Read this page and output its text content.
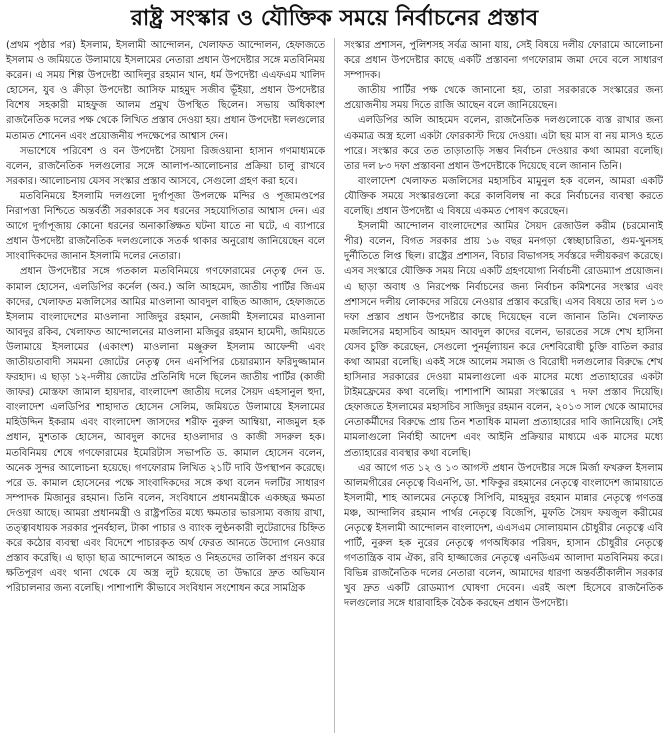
রাষ্ট্র সংস্কার ও যৌক্তিক সময়ে নির্বাচনের প্রস্তাব

(প্রথম পৃষ্ঠার পর) ইসলাম, ইসলামী আন্দোলন, খেলাফত আন্দোলন, হেফাজতে ইসলাম ও জমিয়তে উলামায়ে ইসলামের নেতারা প্রধান উপদেষ্টার সঙ্গে মতবিনিময় করেন। এ সময় শিল্প উপদেষ্টা আদিলুর রহমান খান, ধর্ম উপদেষ্টা এএফএম খালিদ হোসেন, যুব ও ক্রীড়া উপদেষ্টা আসিফ মাহমুদ সজীব ভূঁইয়া, প্রধান উপদেষ্টার বিশেষ সহকারী মাহফুজ আলম প্রমুখ উপস্থিত ছিলেন। সভায় অধিকাংশ রাজনৈতিক দলের পক্ষ থেকে লিখিত প্রস্তাব দেওয়া হয়। প্রধান উপদেষ্টা দলগুলোর মতামত শোনেন এবং প্রয়োজনীয় পদক্ষেপের আশ্বাস দেন।

সভাশেষে পরিবেশ ও বন উপদেষ্টা সৈয়দা রিজওয়ানা হাসান গণমাধ্যমকে বলেন, রাজনৈতিক দলগুলোর সঙ্গে আলাপ-আলোচনার প্রক্রিয়া চালু রাখবে সরকার। আলোচনায় যেসব সংস্কার প্রস্তাব আসবে, সেগুলো গ্রহণ করা হবে।

মতবিনিময়ে ইসলামি দলগুলো দুর্গাপূজা উপলক্ষে মন্দির ও পূজামণ্ডপের নিরাপত্তা নিশ্চিতে অন্তর্বর্তী সরকারকে সব ধরনের সহযোগিতার আশ্বাস দেন। এর আগে দুর্গাপূজায় কোনো ধরনের অনাকাঙ্ক্ষিত ঘটনা যাতে না ঘটে, এ ব্যাপারে প্রধান উপদেষ্টা রাজনৈতিক দলগুলোকে সতর্ক থাকার অনুরোধ জানিয়েছেন বলে সাংবাদিকদের জানান ইসলামি দলের নেতারা।

প্রধান উপদেষ্টার সঙ্গে গতকাল মতবিনিময়ে গণফোরামের নেতৃত্ব দেন ড. কামাল হোসেন, এলডিপির কর্নেল (অব.) অলি আহমেদ, জাতীয় পার্টির জিএম কাদের, খেলাফত মজলিসের আমির মাওলানা আবদুল বাছিত আজাদ, হেফাজতে ইসলাম বাংলাদেশের মাওলানা সাজিদুর রহমান, নেজামী ইসলামের মাওলানা আবদুর রকিব, খেলাফত আন্দোলনের মাওলানা মজিবুর রহমান হামেদী, জমিয়তে উলামায়ে ইসলামের (একাংশ) মাওলানা মঞ্জুরুল ইসলাম আফেন্দী এবং জাতীয়তাবাদী সমমনা জোটের নেতৃত্ব দেন এনপিপির চেয়ারম্যান ফরিদুজ্জামান ফরহাদ। এ ছাড়া ১২-দলীয় জোটের প্রতিনিধি দলে ছিলেন জাতীয় পার্টির (কাজী জাফর) মোস্তফা জামাল হায়দার, বাংলাদেশ জাতীয় দলের সৈয়দ এহসানুল হুদা, বাংলাদেশ এলডিপির শাহাদাত হোসেন সেলিম, জমিয়তে উলামায়ে ইসলামের মহিউদ্দিন ইকরাম এবং বাংলাদেশ জাসদের শরীফ নুরুল আম্বিয়া, নাজমুল হক প্রধান, মুশতাক হোসেন, আবদুল কাদের হাওলাদার ও কাজী সদরুল হক। মতবিনিময় শেষে গণফোরামের ইমেরিটাস সভাপতি ড. কামাল হোসেন বলেন, অনেক সুন্দর আলোচনা হয়েছে। গণফোরাম লিখিত ২১টি দাবি উপস্থাপন করেছে। পরে ড. কামাল হোসেনের পক্ষে সাংবাদিকদের সঙ্গে কথা বলেন দলটির সাধারণ সম্পাদক মিজানুর রহমান। তিনি বলেন, সংবিধানে প্রধানমন্ত্রীকে একচ্ছত্র ক্ষমতা দেওয়া আছে। আমরা প্রধানমন্ত্রী ও রাষ্ট্রপতির মধ্যে ক্ষমতার ভারসাম্য বজায় রাখা, তত্ত্বাবধায়ক সরকার পুনর্বহাল, টাকা পাচার ও ব্যাংক লুণ্ঠনকারী লুটেরাদের চিহ্নিত করে কঠোর ব্যবস্থা এবং বিদেশে পাচারকৃত অর্থ ফেরত আনতে উদ্যোগ নেওয়ার প্রস্তাব করেছি। এ ছাড়া ছাত্র আন্দোলনে আহত ও নিহতদের তালিকা প্রণয়ন করে ক্ষতিপূরণ এবং থানা থেকে যে অস্ত্র লুট হয়েছে তা উদ্ধারে দ্রুত অভিযান পরিচালনার জন্য বলেছি। পাশাপাশি কীভাবে সংবিধান সংশোধন করে সামগ্রিক

সংস্কার প্রশাসন, পুলিশসহ সর্বত্র আনা যায়, সেই বিষয়ে দলীয় ফোরামে আলোচনা করে প্রধান উপদেষ্টার কাছে একটি প্রস্তাবনা গণফোরাম জমা দেবে বলে সাধারণ সম্পাদক।

জাতীয় পার্টির পক্ষ থেকে জানানো হয়, তারা সরকারকে সংস্কারের জন্য প্রয়োজনীয় সময় দিতে রাজি আছেন বলে জানিয়েছেন।

এলডিপির অলি আহমেদ বলেন, রাজনৈতিক দলগুলোকে ব্যস্ত রাখার জন্য একমাত্র অস্ত্র হলো একটা ফোরকাস্ট দিয়ে দেওয়া। এটা ছয় মাস বা নয় মাসও হতে পারে। সংস্কার করে তত তাড়াতাড়ি সম্ভব নির্বাচন দেওয়ার কথা আমরা বলেছি। তার দল ৮৩ দফা প্রস্তাবনা প্রধান উপদেষ্টাকে দিয়েছে বলে জানান তিনি।

বাংলাদেশ খেলাফত মজলিসের মহাসচিব মামুনুল হক বলেন, আমরা একটি যৌক্তিক সময়ে সংস্কারগুলো করে কালবিলম্ব না করে নির্বাচনের ব্যবস্থা করতে বলেছি। প্রধান উপদেষ্টা এ বিষয়ে একমত পোষণ করেছেন।

ইসলামী আন্দোলন বাংলাদেশের আমির সৈয়দ রেজাউল করীম (চরমোনাই পীর) বলেন, বিগত সরকার প্রায় ১৬ বছর মনগড়া স্বেচ্ছাচারিতা, গুম-খুনসহ দুর্নীতিতে লিপ্ত ছিল। রাষ্ট্রের প্রশাসন, বিচার বিভাগসহ সর্বস্তরে দলীয়করণ করেছে। এসব সংস্কারে যৌক্তিক সময় নিয়ে একটি গ্রহণযোগ্য নির্বাচনী রোডম্যাপ প্রয়োজন। এ ছাড়া অবাধ ও নিরপেক্ষ নির্বাচনের জন্য নির্বাচন কমিশনের সংস্কার এবং প্রশাসনে দলীয় লোকদের সরিয়ে নেওয়ার প্রস্তাব করেছি। এসব বিষয়ে তার দল ১৩ দফা প্রস্তাব প্রধান উপদেষ্টার কাছে দিয়েছেন বলে জানান তিনি। খেলাফত মজলিসের মহাসচিব আহমদ আবদুল কাদের বলেন, ভারতের সঙ্গে শেখ হাসিনা যেসব চুক্তি করেছেন, সেগুলো পুনর্মূল্যায়ন করে দেশবিরোধী চুক্তি বাতিল করার কথা আমরা বলেছি। একই সঙ্গে আলেম সমাজ ও বিরোধী দলগুলোর বিরুদ্ধে শেখ হাসিনার সরকারের দেওয়া মামলাগুলো এক মাসের মধ্যে প্রত্যাহারের একটা টাইমফ্রেমের কথা বলেছি। পাশাপাশি আমরা সংস্কারের ৭ দফা প্রস্তাব দিয়েছি। হেফাজতে ইসলামের মহাসচিব সাজিদুর রহমান বলেন, ২০১৩ সাল থেকে আমাদের নেতাকর্মীদের বিরুদ্ধে প্রায় তিন শতাধিক মামলা প্রত্যাহারের দাবি জানিয়েছি। সেই মামলাগুলো নির্বাহী আদেশ এবং আইনি প্রক্রিয়ার মাধ্যমে এক মাসের মধ্যে প্রত্যাহারের ব্যবস্থার কথা বলেছি।

এর আগে গত ১২ ও ১৩ আগস্ট প্রধান উপদেষ্টার সঙ্গে মির্জা ফখরুল ইসলাম আলমগীরের নেতৃত্বে বিএনপি, ডা. শফিকুর রহমানের নেতৃত্বে বাংলাদেশ জামায়াতে ইসলামী, শাহ আলমের নেতৃত্বে সিপিবি, মাহমুদুর রহমান মান্নার নেতৃত্বে গণতন্ত্র মঞ্চ, আন্দালিব রহমান পার্থর নেতৃত্বে বিজেপি, মুফতি সৈয়দ ফয়জুল করীমের নেতৃত্বে ইসলামী আন্দোলন বাংলাদেশ, এএসএম সোলায়মান চৌধুরীর নেতৃত্বে এবি পার্টি, নুরুল হক নুরের নেতৃত্বে গণঅধিকার পরিষদ, হাসান চৌধুরীর নেতৃত্বে গণতান্ত্রিক বাম ঐক্য, রবি হাজ্জাজের নেতৃত্বে এনডিএম আলাদা মতবিনিময় করে। বিভিন্ন রাজনৈতিক দলের নেতারা বলেন, আমাদের ধারণা অন্তর্বর্তীকালীন সরকার খুব দ্রুত একটি রোডম্যাপ ঘোষণা দেবেন। এরই অংশ হিসেবে রাজনৈতিক দলগুলোর সঙ্গে ধারাবাহিক বৈঠক করছেন প্রধান উপদেষ্টা।
